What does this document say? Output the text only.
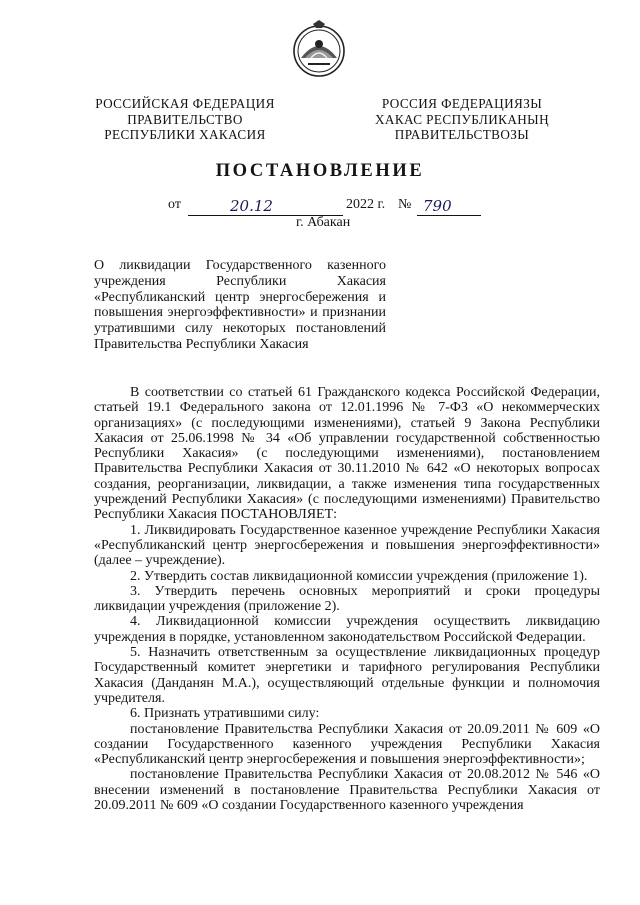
РОССИЙСКАЯ ФЕДЕРАЦИЯ
ПРАВИТЕЛЬСТВО
РЕСПУБЛИКИ ХАКАСИЯ
РОССИЯ ФЕДЕРАЦИЯЗЫ
ХАКАС РЕСПУБЛИКАНЫҢ
ПРАВИТЕЛЬСТВОЗЫ
ПОСТАНОВЛЕНИЕ
от	20.12	2022 г. № 790
г. Абакан
О ликвидации Государственного казенного
учреждения Республики Хакасия
«Республиканский центр энергосбережения и
повышения энергоэффективности» и признании
утратившими силу некоторых постановлений
Правительства Республики Хакасия

В соответствии со статьей 61 Гражданского кодекса Российской Федерации, статьей 19.1 Федерального закона от 12.01.1996 № 7-ФЗ «О некоммерческих организациях» (с последующими изменениями), статьей 9 Закона Республики Хакасия от 25.06.1998 № 34 «Об управлении государственной собственностью Республики Хакасия» (с последующими изменениями), постановлением Правительства Республики Хакасия от 30.11.2010 № 642 «О некоторых вопросах создания, реорганизации, ликвидации, а также изменения типа государственных учреждений Республики Хакасия» (с последующими изменениями) Правительство Республики Хакасия ПОСТАНОВЛЯЕТ:

1. Ликвидировать Государственное казенное учреждение Республики Хакасия «Республиканский центр энергосбережения и повышения энергоэффективности» (далее – учреждение).

2. Утвердить состав ликвидационной комиссии учреждения (приложение 1).

3. Утвердить перечень основных мероприятий и сроки процедуры ликвидации учреждения (приложение 2).

4. Ликвидационной комиссии учреждения осуществить ликвидацию учреждения в порядке, установленном законодательством Российской Федерации.

5. Назначить ответственным за осуществление ликвидационных процедур Государственный комитет энергетики и тарифного регулирования Республики Хакасия (Данданян М.А.), осуществляющий отдельные функции и полномочия учредителя.

6. Признать утратившими силу:

постановление Правительства Республики Хакасия от 20.09.2011 № 609 «О создании Государственного казенного учреждения Республики Хакасия «Республиканский центр энергосбережения и повышения энергоэффективности»;

постановление Правительства Республики Хакасия от 20.08.2012 № 546 «О внесении изменений в постановление Правительства Республики Хакасия от 20.09.2011 № 609 «О создании Государственного казенного учреждения
